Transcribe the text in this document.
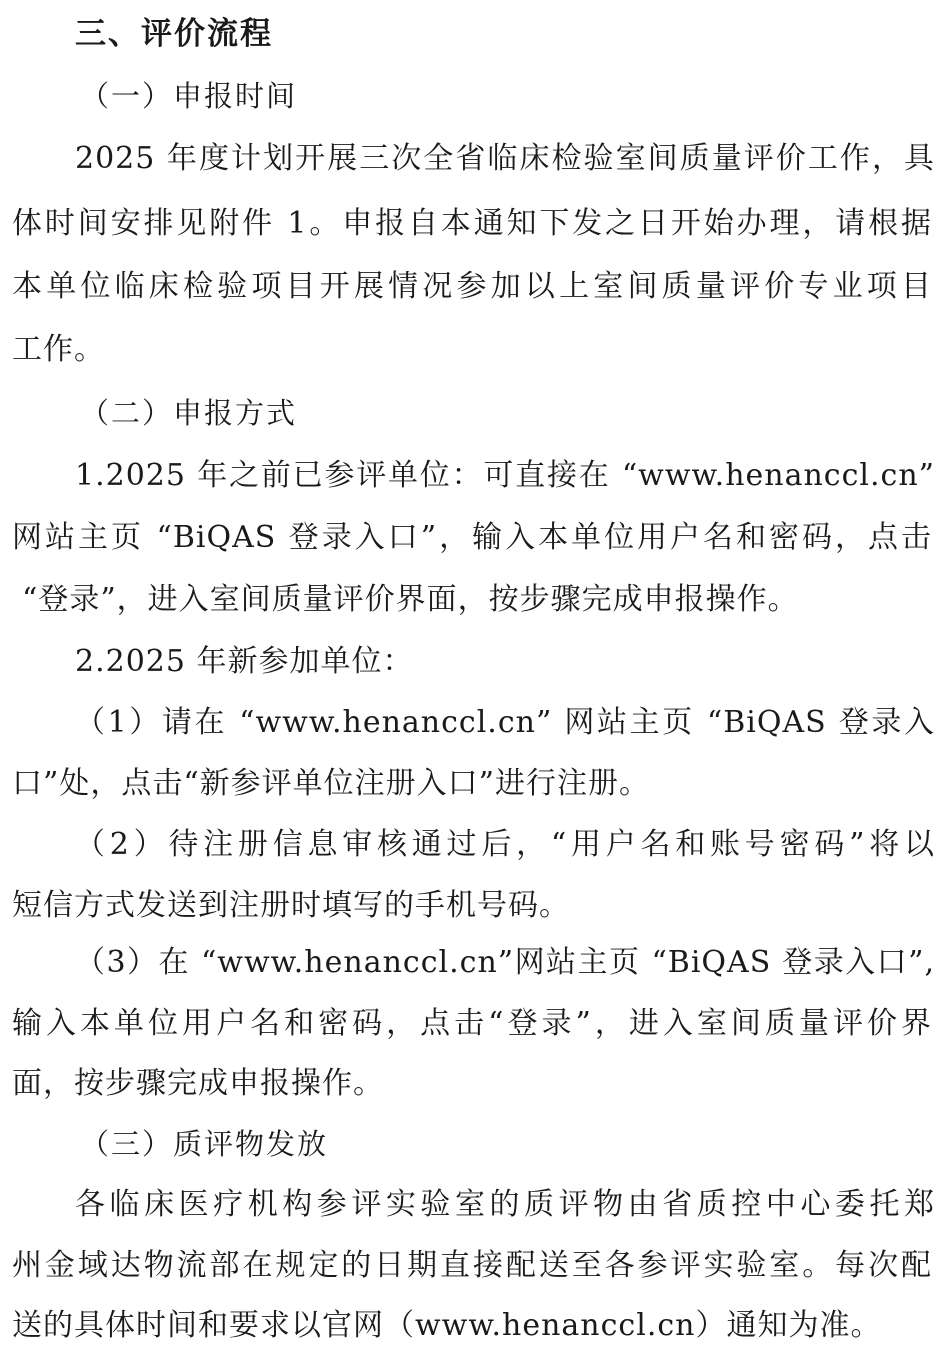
三、评价流程
（一）申报时间
2025 年度计划开展三次全省临床检验室间质量评价工作，具
体时间安排见附件 1。申报自本通知下发之日开始办理，请根据
本单位临床检验项目开展情况参加以上室间质量评价专业项目
工作。
（二）申报方式
1.2025 年之前已参评单位：可直接在 “www.henanccl.cn”
网站主页 “BiQAS 登录入口”，输入本单位用户名和密码，点击
“登录”，进入室间质量评价界面，按步骤完成申报操作。
2.2025 年新参加单位：
（1）请在 “www.henanccl.cn” 网站主页 “BiQAS 登录入
口”处，点击“新参评单位注册入口”进行注册。
（2）待注册信息审核通过后，“用户名和账号密码”将以
短信方式发送到注册时填写的手机号码。
（3）在 “www.henanccl.cn”网站主页 “BiQAS 登录入口”,
输入本单位用户名和密码，点击“登录”，进入室间质量评价界
面，按步骤完成申报操作。
（三）质评物发放
各临床医疗机构参评实验室的质评物由省质控中心委托郑
州金域达物流部在规定的日期直接配送至各参评实验室。每次配
送的具体时间和要求以官网（www.henanccl.cn）通知为准。
